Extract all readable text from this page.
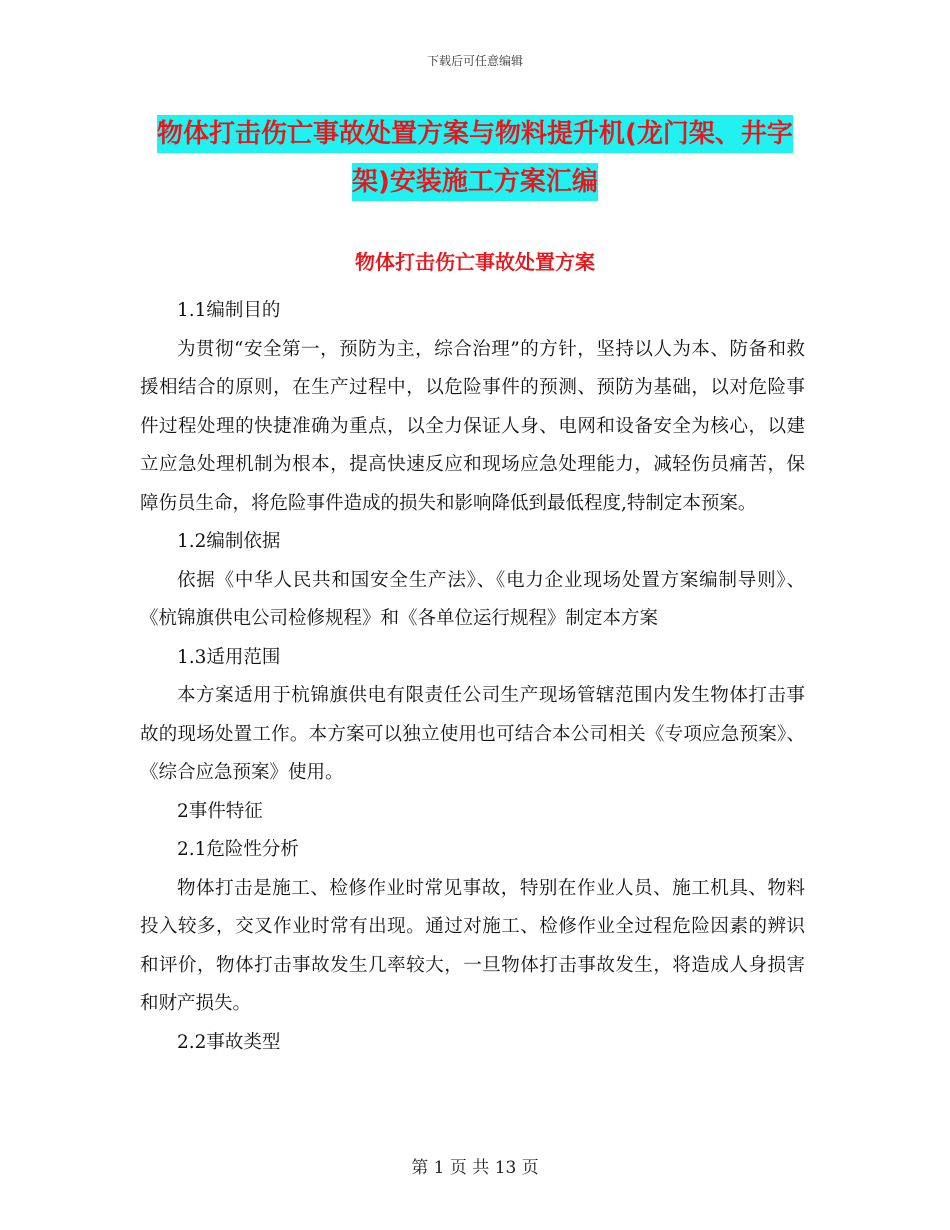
下载后可任意编辑
物体打击伤亡事故处置方案与物料提升机(龙门架、井字架)安装施工方案汇编
物体打击伤亡事故处置方案

1.1编制目的

为贯彻“安全第一，预防为主，综合治理”的方针，坚持以人为本、防备和救援相结合的原则，在生产过程中，以危险事件的预测、预防为基础，以对危险事件过程处理的快捷准确为重点，以全力保证人身、电网和设备安全为核心，以建立应急处理机制为根本，提高快速反应和现场应急处理能力，减轻伤员痛苦，保障伤员生命，将危险事件造成的损失和影响降低到最低程度,特制定本预案。

1.2编制依据

依据《中华人民共和国安全生产法》、《电力企业现场处置方案编制导则》、《杭锦旗供电公司检修规程》和《各单位运行规程》制定本方案

1.3适用范围

本方案适用于杭锦旗供电有限责任公司生产现场管辖范围内发生物体打击事故的现场处置工作。本方案可以独立使用也可结合本公司相关《专项应急预案》、《综合应急预案》使用。

2事件特征

2.1危险性分析

物体打击是施工、检修作业时常见事故，特别在作业人员、施工机具、物料投入较多，交叉作业时常有出现。通过对施工、检修作业全过程危险因素的辨识和评价，物体打击事故发生几率较大，一旦物体打击事故发生，将造成人身损害和财产损失。

2.2事故类型

第 1 页 共 13 页
